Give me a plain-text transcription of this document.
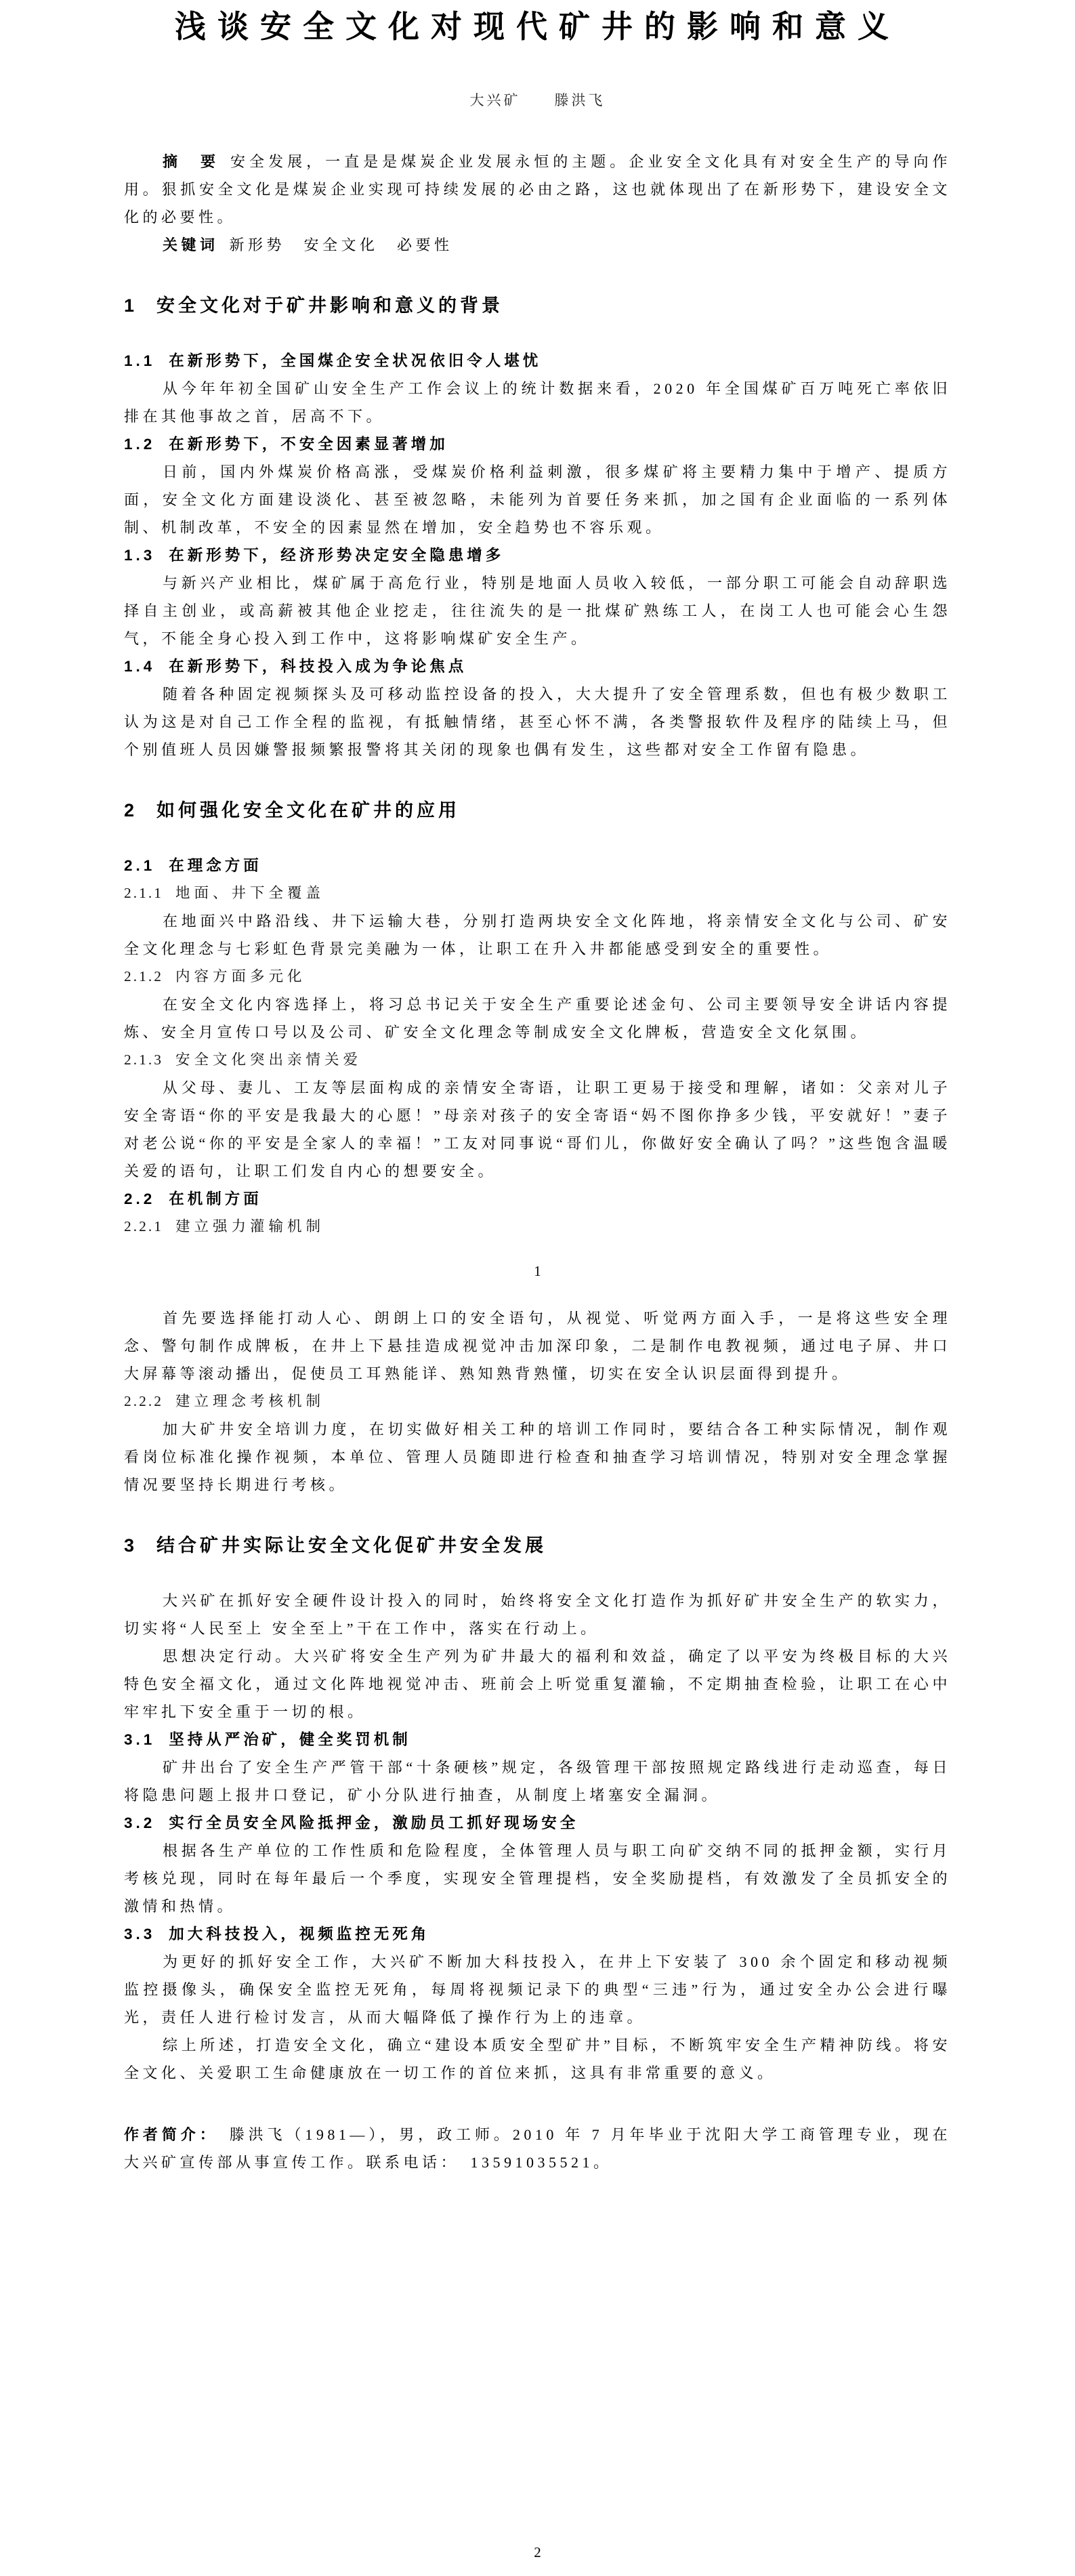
浅谈安全文化对现代矿井的影响和意义
大兴矿　　滕洪飞

摘　要 安全发展，一直是是煤炭企业发展永恒的主题。企业安全文化具有对安全生产的导向作用。狠抓安全文化是煤炭企业实现可持续发展的必由之路，这也就体现出了在新形势下，建设安全文化的必要性。

关键词 新形势　安全文化　必要性

1 安全文化对于矿井影响和意义的背景
1.1 在新形势下，全国煤企安全状况依旧令人堪忧

从今年年初全国矿山安全生产工作会议上的统计数据来看，2020 年全国煤矿百万吨死亡率依旧排在其他事故之首，居高不下。

1.2 在新形势下，不安全因素显著增加

日前，国内外煤炭价格高涨，受煤炭价格利益刺激，很多煤矿将主要精力集中于增产、提质方面，安全文化方面建设淡化、甚至被忽略，未能列为首要任务来抓，加之国有企业面临的一系列体制、机制改革，不安全的因素显然在增加，安全趋势也不容乐观。

1.3 在新形势下，经济形势决定安全隐患增多

与新兴产业相比，煤矿属于高危行业，特别是地面人员收入较低，一部分职工可能会自动辞职选择自主创业，或高薪被其他企业挖走，往往流失的是一批煤矿熟练工人，在岗工人也可能会心生怨气，不能全身心投入到工作中，这将影响煤矿安全生产。

1.4 在新形势下，科技投入成为争论焦点

随着各种固定视频探头及可移动监控设备的投入，大大提升了安全管理系数，但也有极少数职工认为这是对自己工作全程的监视，有抵触情绪，甚至心怀不满，各类警报软件及程序的陆续上马，但个别值班人员因嫌警报频繁报警将其关闭的现象也偶有发生，这些都对安全工作留有隐患。

2 如何强化安全文化在矿井的应用
2.1 在理念方面
2.1.1 地面、井下全覆盖

在地面兴中路沿线、井下运输大巷，分别打造两块安全文化阵地，将亲情安全文化与公司、矿安全文化理念与七彩虹色背景完美融为一体，让职工在升入井都能感受到安全的重要性。

2.1.2 内容方面多元化

在安全文化内容选择上，将习总书记关于安全生产重要论述金句、公司主要领导安全讲话内容提炼、安全月宣传口号以及公司、矿安全文化理念等制成安全文化牌板，营造安全文化氛围。

2.1.3 安全文化突出亲情关爱

从父母、妻儿、工友等层面构成的亲情安全寄语，让职工更易于接受和理解，诸如：父亲对儿子安全寄语“你的平安是我最大的心愿！”母亲对孩子的安全寄语“妈不图你挣多少钱，平安就好！”妻子对老公说“你的平安是全家人的幸福！”工友对同事说“哥们儿，你做好安全确认了吗？”这些饱含温暖关爱的语句，让职工们发自内心的想要安全。

2.2 在机制方面
2.2.1 建立强力灌输机制
1

首先要选择能打动人心、朗朗上口的安全语句，从视觉、听觉两方面入手，一是将这些安全理念、警句制作成牌板，在井上下悬挂造成视觉冲击加深印象，二是制作电教视频，通过电子屏、井口大屏幕等滚动播出，促使员工耳熟能详、熟知熟背熟懂，切实在安全认识层面得到提升。

2.2.2 建立理念考核机制

加大矿井安全培训力度，在切实做好相关工种的培训工作同时，要结合各工种实际情况，制作观看岗位标准化操作视频，本单位、管理人员随即进行检查和抽查学习培训情况，特别对安全理念掌握情况要坚持长期进行考核。

3 结合矿井实际让安全文化促矿井安全发展

大兴矿在抓好安全硬件设计投入的同时，始终将安全文化打造作为抓好矿井安全生产的软实力，切实将“人民至上 安全至上”干在工作中，落实在行动上。

思想决定行动。大兴矿将安全生产列为矿井最大的福利和效益，确定了以平安为终极目标的大兴特色安全福文化，通过文化阵地视觉冲击、班前会上听觉重复灌输，不定期抽查检验，让职工在心中牢牢扎下安全重于一切的根。

3.1 坚持从严治矿，健全奖罚机制

矿井出台了安全生产严管干部“十条硬核”规定，各级管理干部按照规定路线进行走动巡查，每日将隐患问题上报井口登记，矿小分队进行抽查，从制度上堵塞安全漏洞。

3.2 实行全员安全风险抵押金，激励员工抓好现场安全

根据各生产单位的工作性质和危险程度，全体管理人员与职工向矿交纳不同的抵押金额，实行月考核兑现，同时在每年最后一个季度，实现安全管理提档，安全奖励提档，有效激发了全员抓安全的激情和热情。

3.3 加大科技投入，视频监控无死角

为更好的抓好安全工作，大兴矿不断加大科技投入，在井上下安装了 300 余个固定和移动视频监控摄像头，确保安全监控无死角，每周将视频记录下的典型“三违”行为，通过安全办公会进行曝光，责任人进行检讨发言，从而大幅降低了操作行为上的违章。

综上所述，打造安全文化，确立“建设本质安全型矿井”目标，不断筑牢安全生产精神防线。将安全文化、关爱职工生命健康放在一切工作的首位来抓，这具有非常重要的意义。

作者简介： 滕洪飞（1981—），男，政工师。2010 年 7 月年毕业于沈阳大学工商管理专业，现在大兴矿宣传部从事宣传工作。联系电话：　13591035521。

2
